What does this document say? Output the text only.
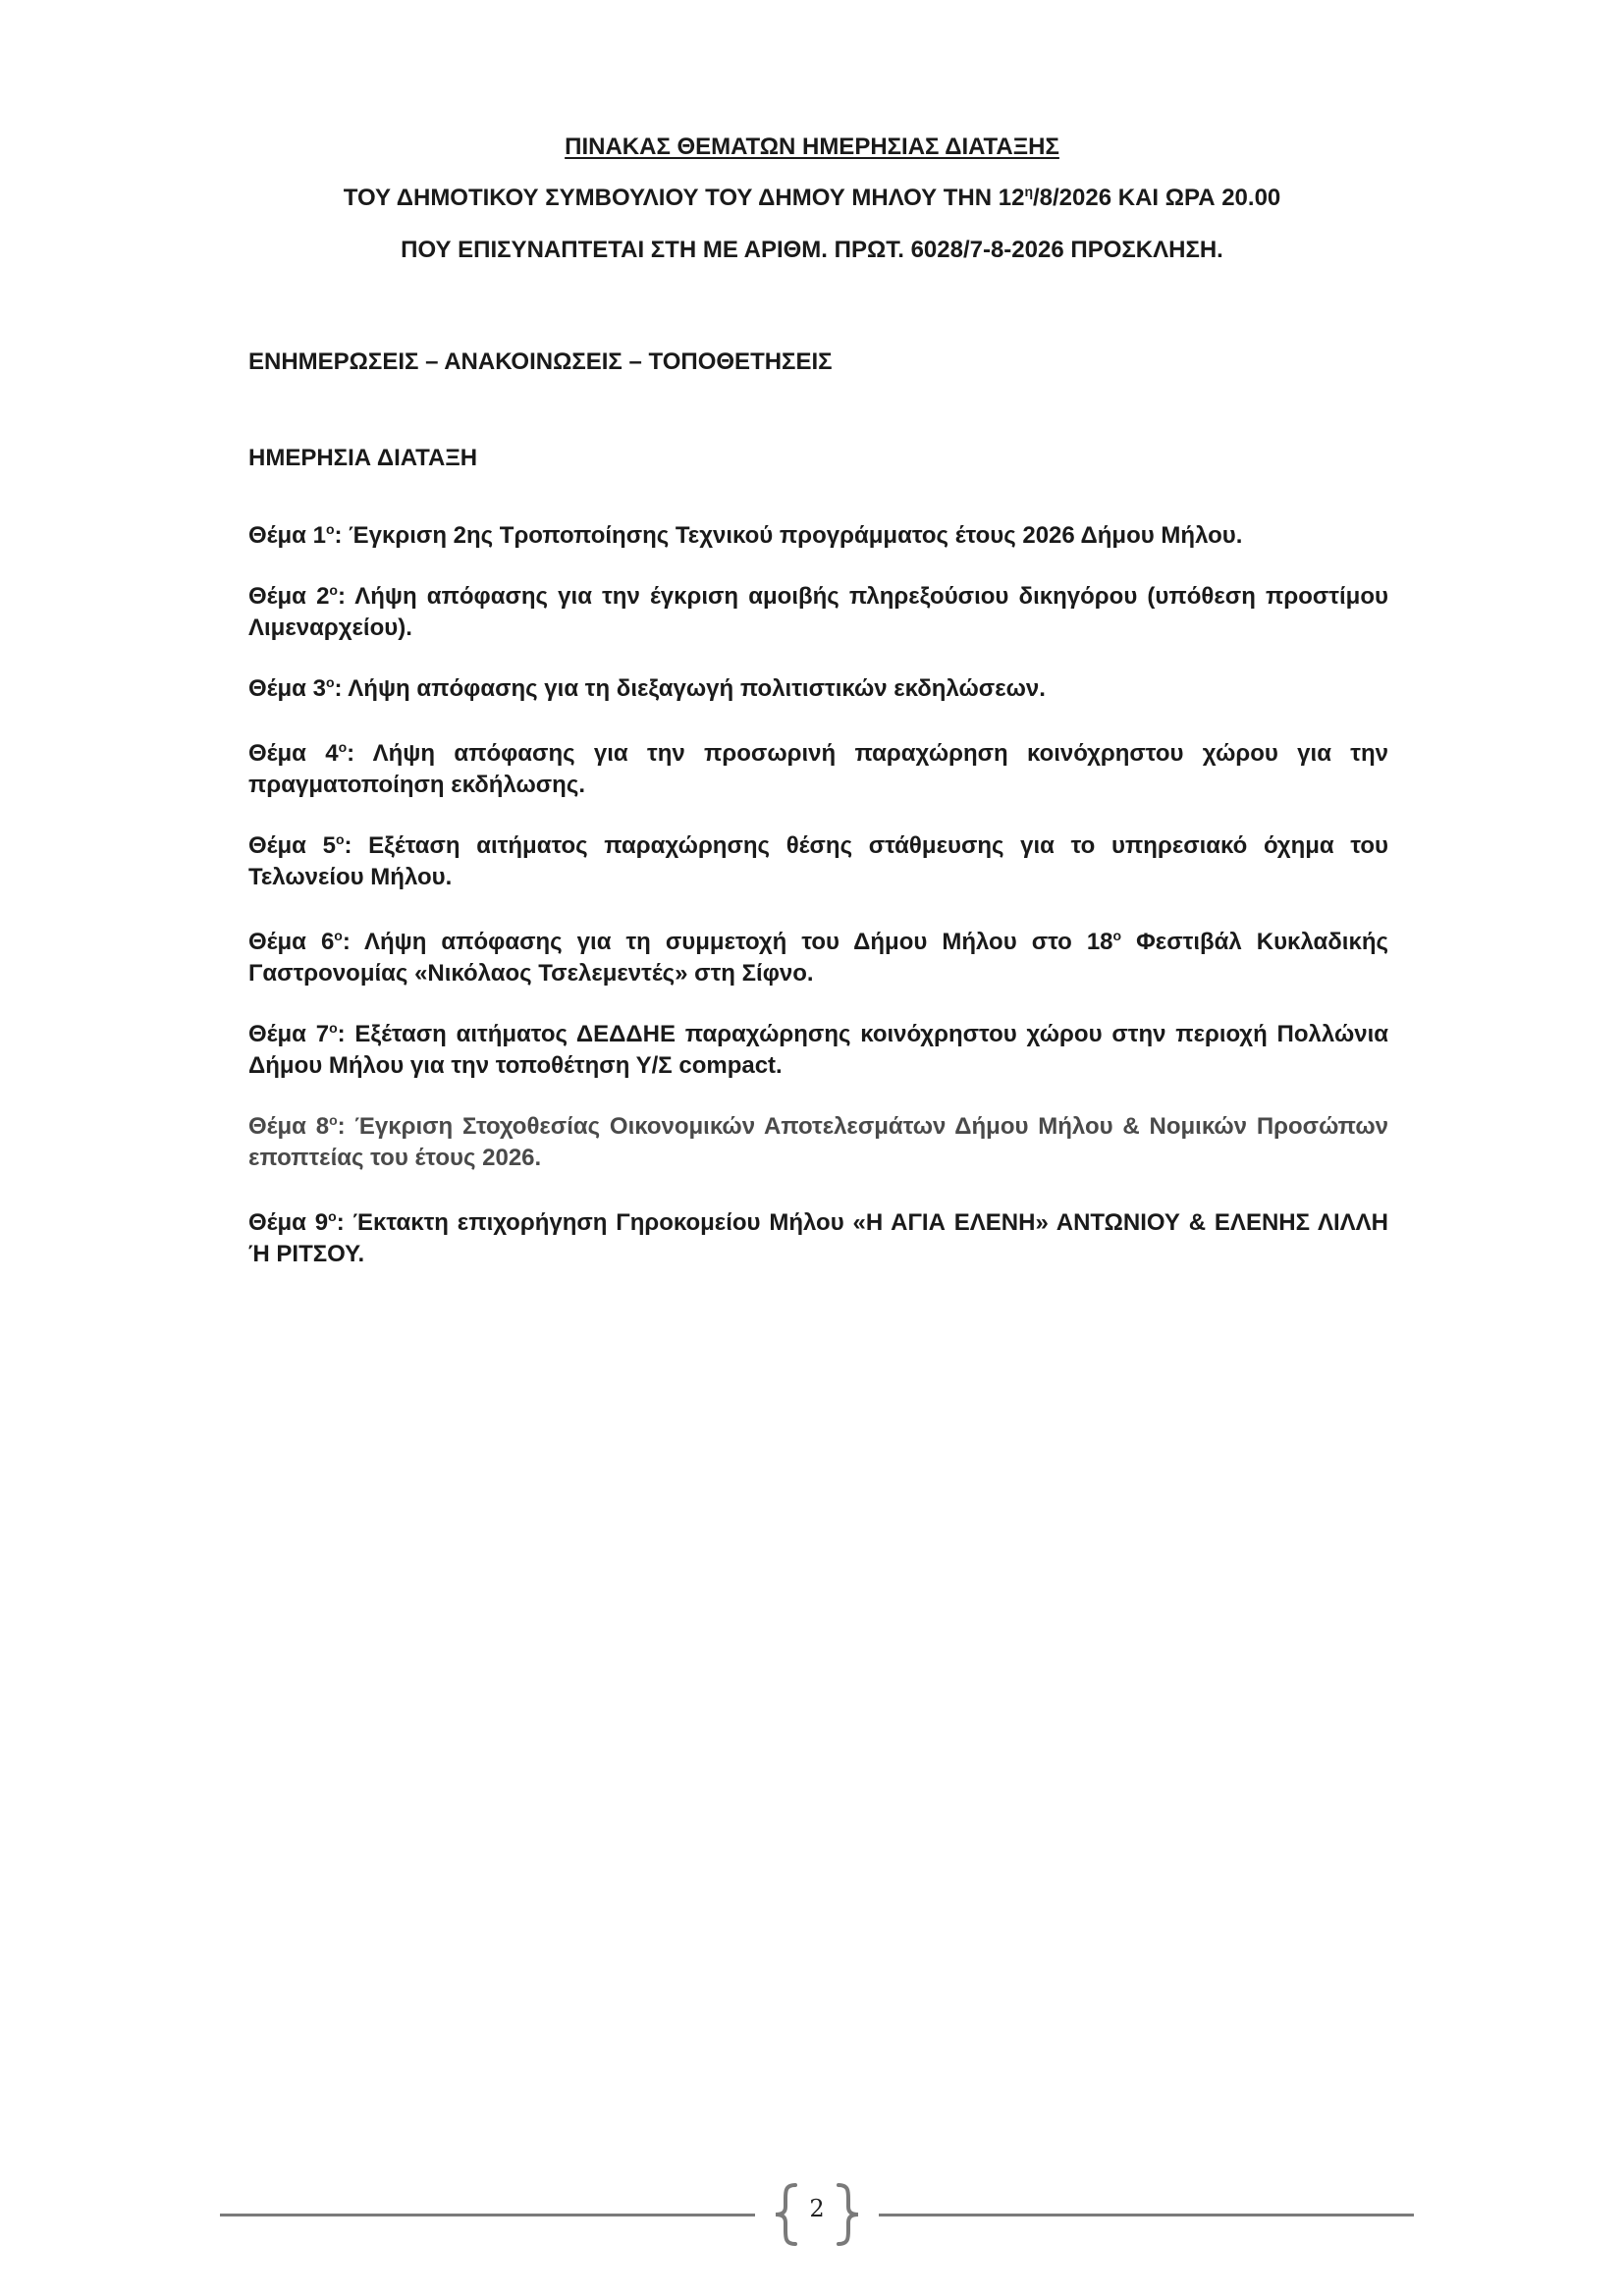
ΠΙΝΑΚΑΣ ΘΕΜΑΤΩΝ ΗΜΕΡΗΣΙΑΣ ΔΙΑΤΑΞΗΣ
ΤΟΥ ΔΗΜΟΤΙΚΟΥ ΣΥΜΒΟΥΛΙΟΥ ΤΟΥ ΔΗΜΟΥ ΜΗΛΟΥ ΤΗΝ $12^\eta/8/2026$ ΚΑΙ ΩΡΑ 20.00
ΠΟΥ ΕΠΙΣΥΝΑΠΤΕΤΑΙ ΣΤΗ ΜΕ ΑΡΙΘΜ. ΠΡΩΤ. 6028/7-8-2026 ΠΡΟΣΚΛΗΣΗ.
ΕΝΗΜΕΡΩΣΕΙΣ – ΑΝΑΚΟΙΝΩΣΕΙΣ – ΤΟΠΟΘΕΤΗΣΕΙΣ
ΗΜΕΡΗΣΙΑ ΔΙΑΤΑΞΗ

Θέμα $1^o$: Έγκριση 2ης Τροποποίησης Τεχνικού προγράμματος έτους 2026 Δήμου Μήλου.

Θέμα $2^o$: Λήψη απόφασης για την έγκριση αμοιβής πληρεξούσιου δικηγόρου (υπόθεση προστίμου Λιμεναρχείου).

Θέμα $3^o$: Λήψη απόφασης για τη διεξαγωγή πολιτιστικών εκδηλώσεων.

Θέμα $4^o$: Λήψη απόφασης για την προσωρινή παραχώρηση κοινόχρηστου χώρου για την πραγματοποίηση εκδήλωσης.

Θέμα $5^o$: Εξέταση αιτήματος παραχώρησης θέσης στάθμευσης για το υπηρεσιακό όχημα του Τελωνείου Μήλου.

Θέμα $6^o$: Λήψη απόφασης για τη συμμετοχή του Δήμου Μήλου στο $18^o$ Φεστιβάλ Κυκλαδικής Γαστρονομίας «Νικόλαος Τσελεμεντές» στη Σίφνο.

Θέμα $7^o$: Εξέταση αιτήματος ΔΕΔΔΗΕ παραχώρησης κοινόχρηστου χώρου στην περιοχή Πολλώνια Δήμου Μήλου για την τοποθέτηση Υ/Σ compact.

Θέμα $8^o$: Έγκριση Στοχοθεσίας Οικονομικών Αποτελεσμάτων Δήμου Μήλου & Νομικών Προσώπων εποπτείας του έτους 2026.

Θέμα $9^o$: Έκτακτη επιχορήγηση Γηροκομείου Μήλου «Η ΑΓΙΑ ΕΛΕΝΗ» ΑΝΤΩΝΙΟΥ & ΕΛΕΝΗΣ ΛΙΛΛΗ Ή ΡΙΤΣΟΥ.

2
